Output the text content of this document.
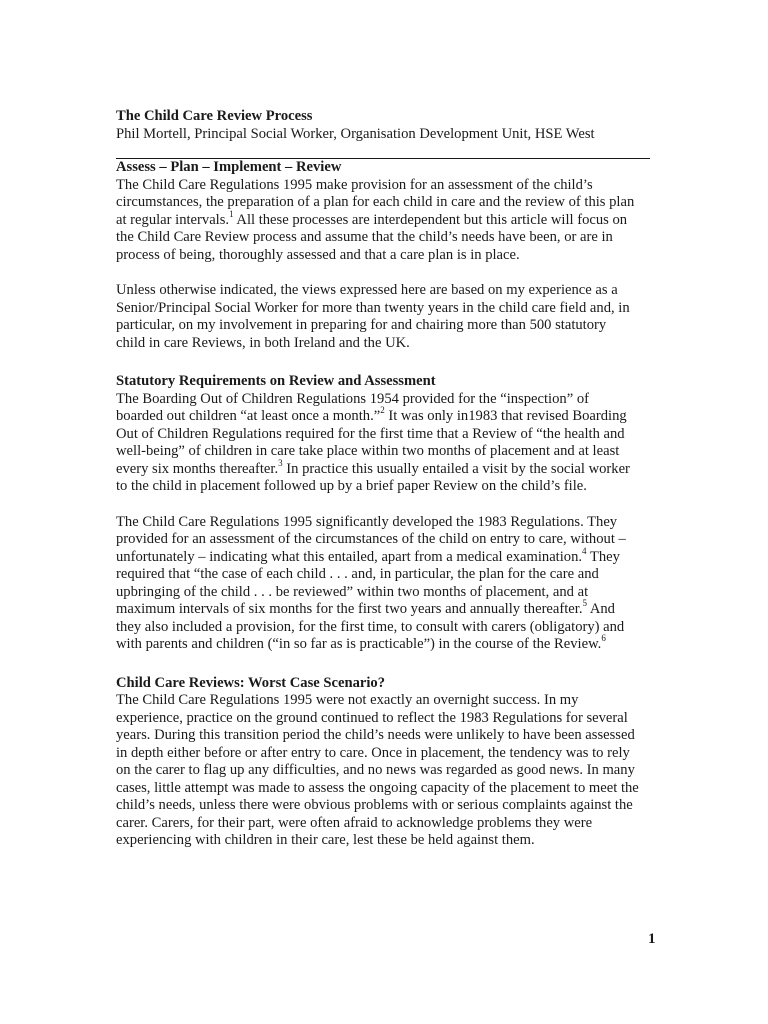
The Child Care Review Process

Phil Mortell, Principal Social Worker, Organisation Development Unit, HSE West

Assess – Plan – Implement – Review

The Child Care Regulations 1995 make provision for an assessment of the child’s
circumstances, the preparation of a plan for each child in care and the review of this plan
at regular intervals.$^1$ All these processes are interdependent but this article will focus on
the Child Care Review process and assume that the child’s needs have been, or are in
process of being, thoroughly assessed and that a care plan is in place.

Unless otherwise indicated, the views expressed here are based on my experience as a
Senior/Principal Social Worker for more than twenty years in the child care field and, in
particular, on my involvement in preparing for and chairing more than 500 statutory
child in care Reviews, in both Ireland and the UK.

Statutory Requirements on Review and Assessment

The Boarding Out of Children Regulations 1954 provided for the “inspection” of
boarded out children “at least once a month.”$^2$ It was only in1983 that revised Boarding
Out of Children Regulations required for the first time that a Review of “the health and
well-being” of children in care take place within two months of placement and at least
every six months thereafter.$^3$ In practice this usually entailed a visit by the social worker
to the child in placement followed up by a brief paper Review on the child’s file.

The Child Care Regulations 1995 significantly developed the 1983 Regulations. They
provided for an assessment of the circumstances of the child on entry to care, without –
unfortunately – indicating what this entailed, apart from a medical examination.$^4$ They
required that “the case of each child . . . and, in particular, the plan for the care and
upbringing of the child . . . be reviewed” within two months of placement, and at
maximum intervals of six months for the first two years and annually thereafter.$^5$ And
they also included a provision, for the first time, to consult with carers (obligatory) and
with parents and children (“in so far as is practicable”) in the course of the Review.$^6$

Child Care Reviews: Worst Case Scenario?

The Child Care Regulations 1995 were not exactly an overnight success. In my
experience, practice on the ground continued to reflect the 1983 Regulations for several
years. During this transition period the child’s needs were unlikely to have been assessed
in depth either before or after entry to care. Once in placement, the tendency was to rely
on the carer to flag up any difficulties, and no news was regarded as good news. In many
cases, little attempt was made to assess the ongoing capacity of the placement to meet the
child’s needs, unless there were obvious problems with or serious complaints against the
carer. Carers, for their part, were often afraid to acknowledge problems they were
experiencing with children in their care, lest these be held against them.

1
